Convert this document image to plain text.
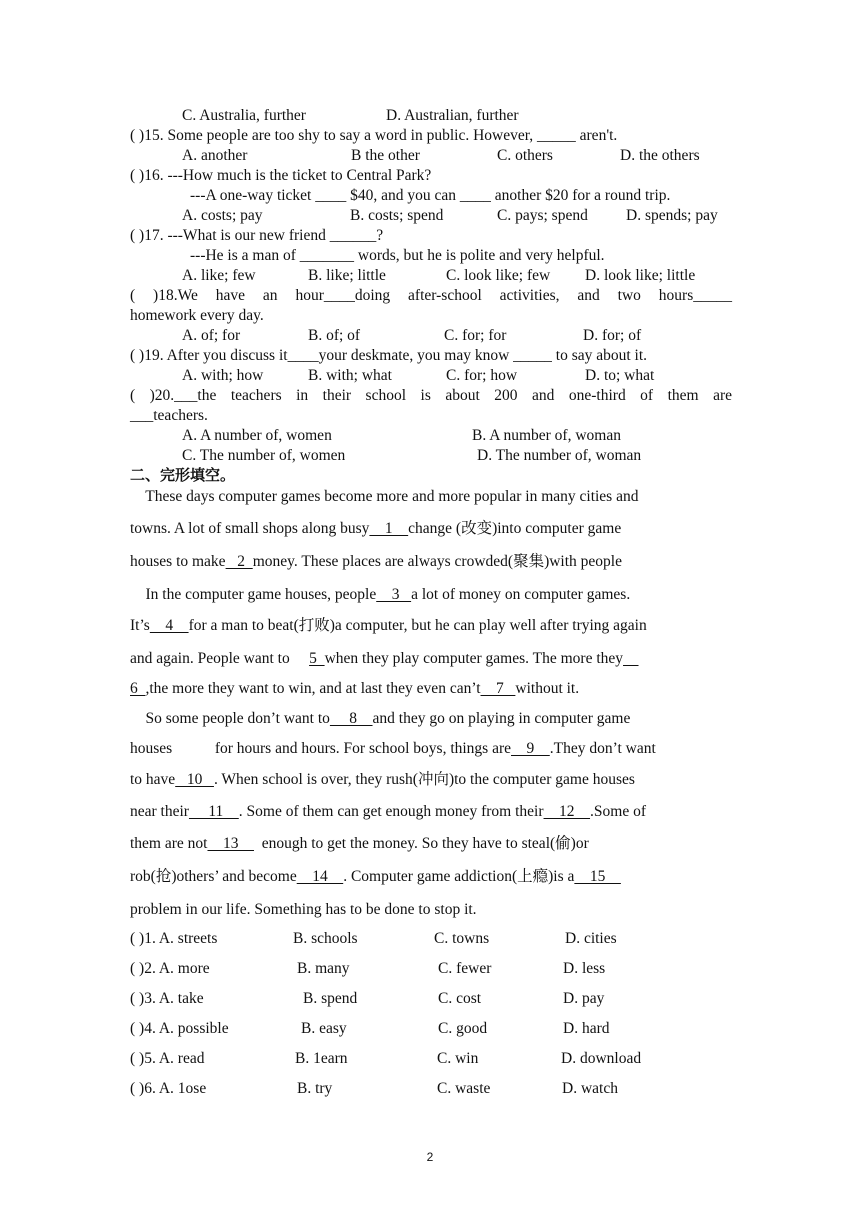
C. Australia, further	D. Australian, further
( )15. Some people are too shy to say a word in public. However, _____ aren't.
A. another	B the other	C. others	D. the others
( )16. ---How much is the ticket to Central Park?
---A one-way ticket ____ $40, and you can ____ another $20 for a round trip.
A. costs; pay	B. costs; spend	C. pays; spend D. spends; pay
( )17. ---What is our new friend ______?
---He is a man of _______ words, but he is polite and very helpful.
A. like; few	B. like; little	C. look like; few D. look like; little
( )18.We have an hour____doing after-school activities, and two hours_____
homework every day.
A. of; for	B. of; of	C. for; for	D. for; of
( )19. After you discuss it____your deskmate, you may know _____ to say about it.
A. with; how	B. with; what	C. for; how	D. to; what
( )20.___the teachers in their school is about 200 and one-third of them are
___teachers.
A. A number of, women	B. A number of, woman
C. The number of, women	D. The number of, woman
二、完形填空。
These days computer games become more and more popular in many cities and
towns. A lot of small shops along busy    1    change (改变)into computer game
houses to make   2  money. These places are always crowded(聚集)with people
In the computer game houses, people    3   a lot of money on computer games.
It’s    4    for a man to beat(打败)a computer, but he can play well after trying again
and again. People want to     5  when they play computer games. The more they
6  ,the more they want to win, and at last they even can’t    7   without it.
So some people don’t want to     8    and they go on playing in computer game
houses           for hours and hours. For school boys, things are    9    .They don’t want
to have   10   . When school is over, they rush(冲向)to the computer game houses
near their     11    . Some of them can get enough money from their    12    .Some of
them are not    13      enough to get the money. So they have to steal(偷)or
rob(抢)others’ and become    14    . Computer game addiction(上瘾)is a    15
problem in our life. Something has to be done to stop it.
( )1. A. streets	B. schools	C. towns	D. cities
( )2. A. more	B. many	C. fewer	D. less
( )3. A. take	B. spend	C. cost	D. pay
( )4. A. possible	B. easy	C. good	D. hard
( )5. A. read	B. 1earn	C. win	D. download
( )6. A. 1ose	B. try	C. waste	D. watch
2
